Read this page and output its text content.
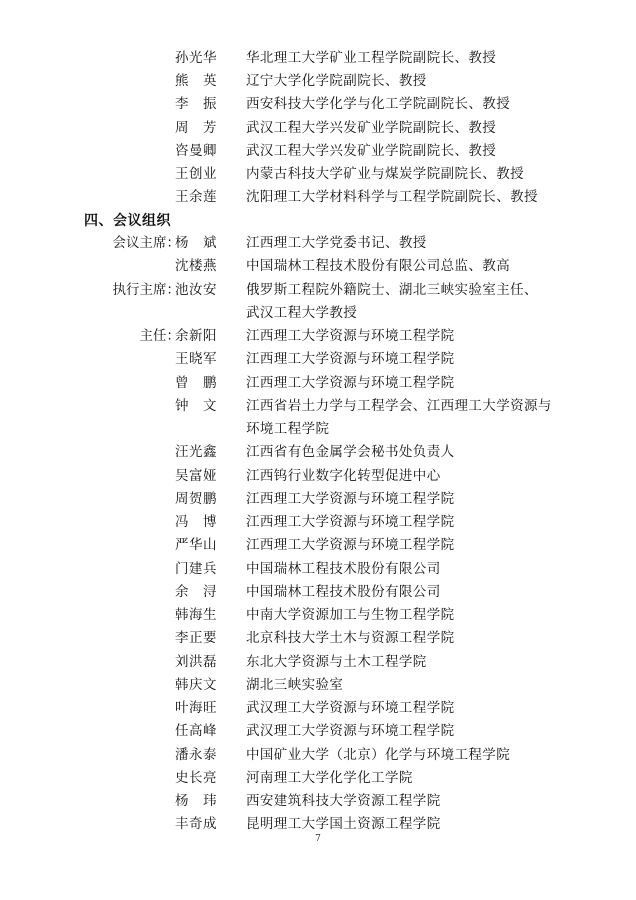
孙光华	华北理工大学矿业工程学院副院长、教授
熊　英	辽宁大学化学院副院长、教授
李　振	西安科技大学化学与化工学院副院长、教授
周　芳	武汉工程大学兴发矿业学院副院长、教授
咨曼卿	武汉工程大学兴发矿业学院副院长、教授
王创业	内蒙古科技大学矿业与煤炭学院副院长、教授
王余莲	沈阳理工大学材料科学与工程学院副院长、教授
四、会议组织
会议主席：
杨　斌	江西理工大学党委书记、教授
沈楼燕	中国瑞林工程技术股份有限公司总监、教高
执行主席：
池汝安	俄罗斯工程院外籍院士、湖北三峡实验室主任、
武汉工程大学教授
主任：
余新阳	江西理工大学资源与环境工程学院
王晓军	江西理工大学资源与环境工程学院
曾　鹏	江西理工大学资源与环境工程学院
钟　文	江西省岩土力学与工程学会、江西理工大学资源与
环境工程学院
汪光鑫	江西省有色金属学会秘书处负责人
吴富娅	江西钨行业数字化转型促进中心
周贺鹏	江西理工大学资源与环境工程学院
冯　博	江西理工大学资源与环境工程学院
严华山	江西理工大学资源与环境工程学院
门建兵	中国瑞林工程技术股份有限公司
余　浔	中国瑞林工程技术股份有限公司
韩海生	中南大学资源加工与生物工程学院
李正要	北京科技大学土木与资源工程学院
刘洪磊	东北大学资源与土木工程学院
韩庆文	湖北三峡实验室
叶海旺	武汉理工大学资源与环境工程学院
任高峰	武汉理工大学资源与环境工程学院
潘永泰	中国矿业大学（北京）化学与环境工程学院
史长亮	河南理工大学化学化工学院
杨　玮	西安建筑科技大学资源工程学院
丰奇成	昆明理工大学国土资源工程学院
7
